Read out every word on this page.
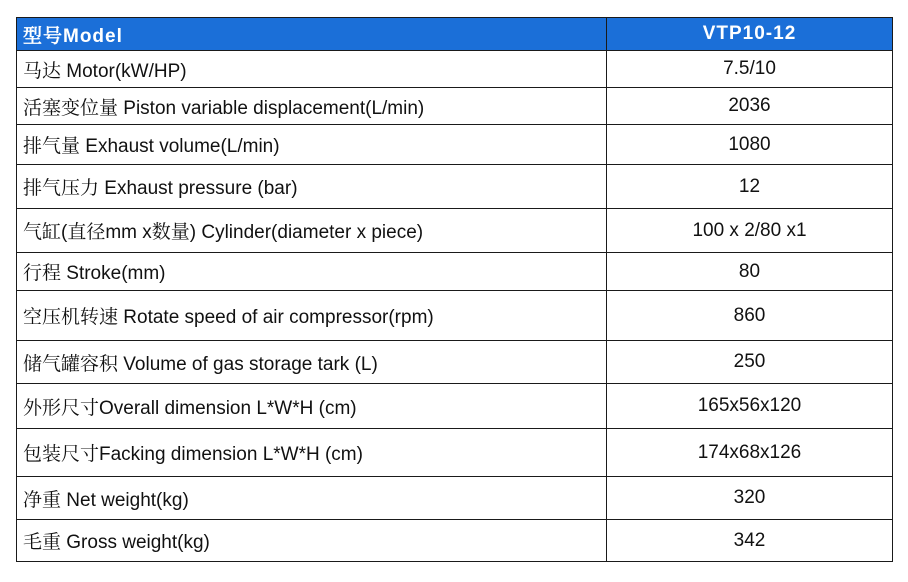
型号Model	VTP10-12
马达 Motor(kW/HP)	7.5/10
活塞变位量 Piston variable displacement(L/min)	2036
排气量 Exhaust volume(L/min)	1080
排气压力 Exhaust pressure (bar)	12
气缸(直径mm x数量) Cylinder(diameter x piece)	100 x 2/80 x1
行程 Stroke(mm)	80
空压机转速 Rotate speed of air compressor(rpm)	860
储气罐容积 Volume of gas storage tark (L)	250
外形尺寸Overall dimension L*W*H (cm)	165x56x120
包装尺寸Facking dimension L*W*H (cm)	174x68x126
净重 Net weight(kg)	320
毛重 Gross weight(kg)	342
